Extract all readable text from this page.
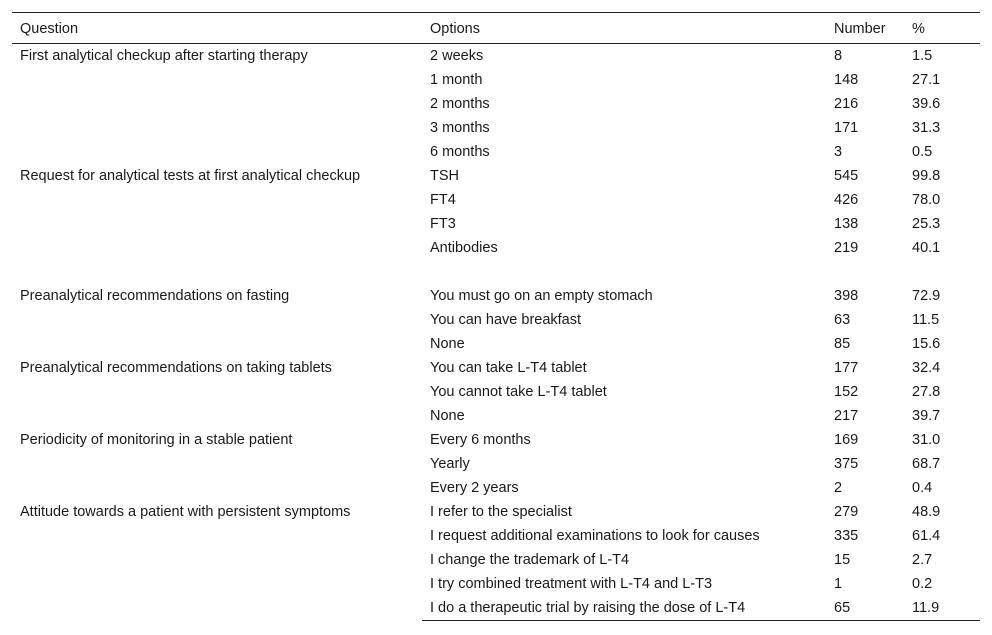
Question	Options	Number	%
First analytical checkup after starting therapy	2 weeks	8	1.5
	1 month	148	27.1
	2 months	216	39.6
	3 months	171	31.3
	6 months	3	0.5
Request for analytical tests at first analytical checkup	TSH	545	99.8
	FT4	426	78.0
	FT3	138	25.3
	Antibodies	219	40.1

Preanalytical recommendations on fasting	You must go on an empty stomach	398	72.9
	You can have breakfast	63	11.5
	None	85	15.6
Preanalytical recommendations on taking tablets	You can take L-T4 tablet	177	32.4
	You cannot take L-T4 tablet	152	27.8
	None	217	39.7
Periodicity of monitoring in a stable patient	Every 6 months	169	31.0
	Yearly	375	68.7
	Every 2 years	2	0.4
Attitude towards a patient with persistent symptoms	I refer to the specialist	279	48.9
	I request additional examinations to look for causes	335	61.4
	I change the trademark of L-T4	15	2.7
	I try combined treatment with L-T4 and L-T3	1	0.2
	I do a therapeutic trial by raising the dose of L-T4	65	11.9
